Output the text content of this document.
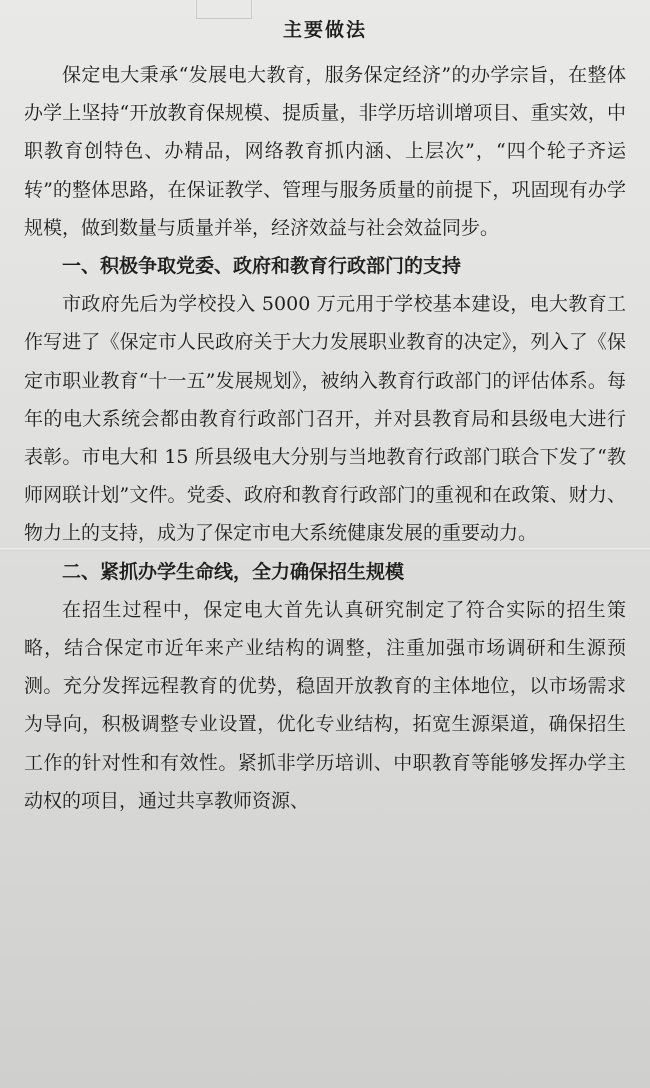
主要做法

保定电大秉承“发展电大教育，服务保定经济”的办学宗旨，在整体办学上坚持“开放教育保规模、提质量，非学历培训增项目、重实效，中职教育创特色、办精品，网络教育抓内涵、上层次”，“四个轮子齐运转”的整体思路，在保证教学、管理与服务质量的前提下，巩固现有办学规模，做到数量与质量并举，经济效益与社会效益同步。

一、积极争取党委、政府和教育行政部门的支持

市政府先后为学校投入 5000 万元用于学校基本建设，电大教育工作写进了《保定市人民政府关于大力发展职业教育的决定》，列入了《保定市职业教育“十一五”发展规划》，被纳入教育行政部门的评估体系。每年的电大系统会都由教育行政部门召开，并对县教育局和县级电大进行表彰。市电大和 15 所县级电大分别与当地教育行政部门联合下发了“教师网联计划”文件。党委、政府和教育行政部门的重视和在政策、财力、物力上的支持，成为了保定市电大系统健康发展的重要动力。

二、紧抓办学生命线，全力确保招生规模

在招生过程中，保定电大首先认真研究制定了符合实际的招生策略，结合保定市近年来产业结构的调整，注重加强市场调研和生源预测。充分发挥远程教育的优势，稳固开放教育的主体地位，以市场需求为导向，积极调整专业设置，优化专业结构，拓宽生源渠道，确保招生工作的针对性和有效性。紧抓非学历培训、中职教育等能够发挥办学主动权的项目，通过共享教师资源、
